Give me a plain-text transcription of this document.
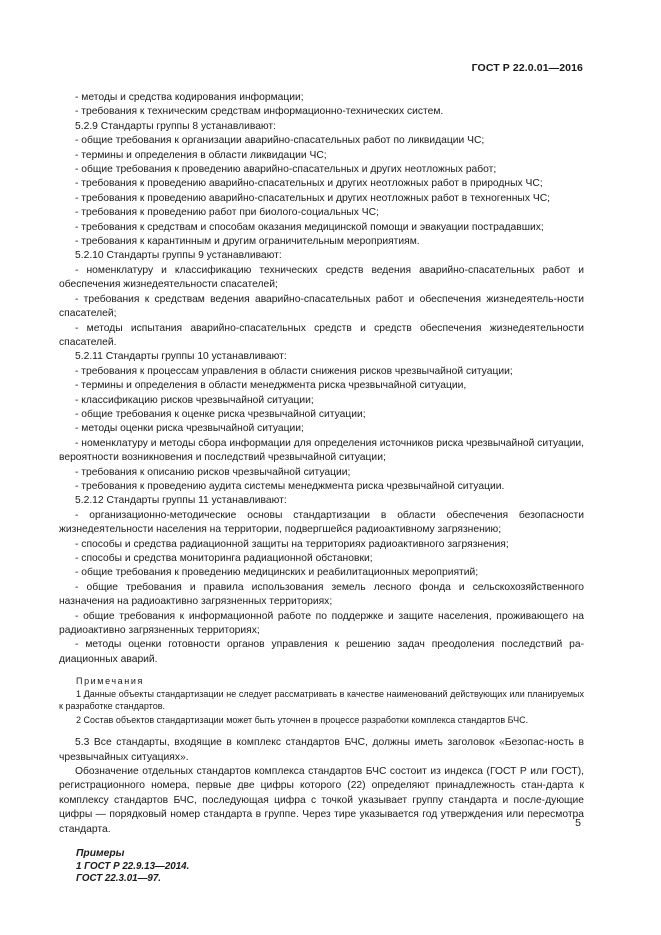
ГОСТ Р 22.0.01—2016

- методы и средства кодирования информации;

- требования к техническим средствам информационно-технических систем.

5.2.9 Стандарты группы 8 устанавливают:

- общие требования к организации аварийно-спасательных работ по ликвидации ЧС;

- термины и определения в области ликвидации ЧС;

- общие требования к проведению аварийно-спасательных и других неотложных работ;

- требования к проведению аварийно-спасательных и других неотложных работ в природных ЧС;

- требования к проведению аварийно-спасательных и других неотложных работ в техногенных ЧС;

- требования к проведению работ при биолого-социальных ЧС;

- требования к средствам и способам оказания медицинской помощи и эвакуации пострадавших;

- требования к карантинным и другим ограничительным мероприятиям.

5.2.10 Стандарты группы 9 устанавливают:

- номенклатуру и классификацию технических средств ведения аварийно-спасательных работ и обеспечения жизнедеятельности спасателей;

- требования к средствам ведения аварийно-спасательных работ и обеспечения жизнедеятель-ности спасателей;

- методы испытания аварийно-спасательных средств и средств обеспечения жизнедеятельности спасателей.

5.2.11 Стандарты группы 10 устанавливают:

- требования к процессам управления в области снижения рисков чрезвычайной ситуации;

- термины и определения в области менеджмента риска чрезвычайной ситуации,

- классификацию рисков чрезвычайной ситуации;

- общие требования к оценке риска чрезвычайной ситуации;

- методы оценки риска чрезвычайной ситуации;

- номенклатуру и методы сбора информации для определения источников риска чрезвычайной ситуации, вероятности возникновения и последствий чрезвычайной ситуации;

- требования к описанию рисков чрезвычайной ситуации;

- требования к проведению аудита системы менеджмента риска чрезвычайной ситуации.

5.2.12 Стандарты группы 11 устанавливают:

- организационно-методические основы стандартизации в области обеспечения безопасности жизнедеятельности населения на территории, подвергшейся радиоактивному загрязнению;

- способы и средства радиационной защиты на территориях радиоактивного загрязнения;

- способы и средства мониторинга радиационной обстановки;

- общие требования к проведению медицинских и реабилитационных мероприятий;

- общие требования и правила использования земель лесного фонда и сельскохозяйственного назначения на радиоактивно загрязненных территориях;

- общие требования к информационной работе по поддержке и защите населения, проживающего на радиоактивно загрязненных территориях;

- методы оценки готовности органов управления к решению задач преодоления последствий ра-диационных аварий.

Примечания

1 Данные объекты стандартизации не следует рассматривать в качестве наименований действующих или планируемых к разработке стандартов.

2 Состав объектов стандартизации может быть уточнен в процессе разработки комплекса стандартов БЧС.

5.3 Все стандарты, входящие в комплекс стандартов БЧС, должны иметь заголовок «Безопас-ность в чрезвычайных ситуациях».

Обозначение отдельных стандартов комплекса стандартов БЧС состоит из индекса (ГОСТ Р или ГОСТ), регистрационного номера, первые две цифры которого (22) определяют принадлежность стан-дарта к комплексу стандартов БЧС, последующая цифра с точкой указывает группу стандарта и после-дующие цифры — порядковый номер стандарта в группе. Через тире указывается год утверждения или пересмотра стандарта.

Примеры

1 ГОСТ Р 22.9.13—2014.

ГОСТ 22.3.01—97.

5
